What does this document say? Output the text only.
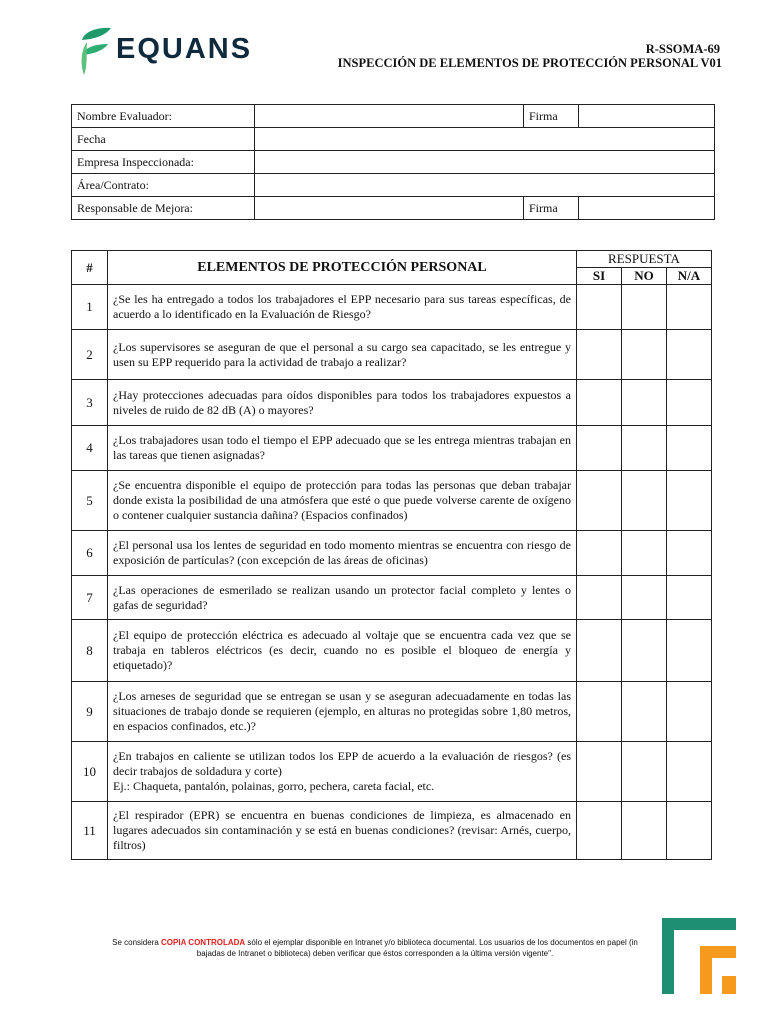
EQUANS	R-SSOMA-69
INSPECCIÓN DE ELEMENTOS DE PROTECCIÓN PERSONAL V01
Nombre Evaluador:		Firma	
Fecha			
Empresa Inspeccionada:			
Área/Contrato:			
Responsable de Mejora:		Firma	
#	ELEMENTOS DE PROTECCIÓN PERSONAL	RESPUESTA		
		SI	NO	N/A
1	¿Se les ha entregado a todos los trabajadores el EPP necesario para sus tareas específicas, de acuerdo a lo identificado en la Evaluación de Riesgo?			
2	¿Los supervisores se aseguran de que el personal a su cargo sea capacitado, se les entregue y usen su EPP requerido para la actividad de trabajo a realizar?			
3	¿Hay protecciones adecuadas para oídos disponibles para todos los trabajadores expuestos a niveles de ruido de 82 dB (A) o mayores?			
4	¿Los trabajadores usan todo el tiempo el EPP adecuado que se les entrega mientras trabajan en las tareas que tienen asignadas?			
5	¿Se encuentra disponible el equipo de protección para todas las personas que deban trabajar donde exista la posibilidad de una atmósfera que esté o que puede volverse carente de oxígeno o contener cualquier sustancia dañina? (Espacios confinados)			
6	¿El personal usa los lentes de seguridad en todo momento mientras se encuentra con riesgo de exposición de partículas? (con excepción de las áreas de oficinas)			
7	¿Las operaciones de esmerilado se realizan usando un protector facial completo y lentes o gafas de seguridad?			
8	¿El equipo de protección eléctrica es adecuado al voltaje que se encuentra cada vez que se trabaja en tableros eléctricos (es decir, cuando no es posible el bloqueo de energía y etiquetado)?			
9	¿Los arneses de seguridad que se entregan se usan y se aseguran adecuadamente en todas las situaciones de trabajo donde se requieren (ejemplo, en alturas no protegidas sobre 1,80 metros, en espacios confinados, etc.)?			
10	¿En trabajos en caliente se utilizan todos los EPP de acuerdo a la evaluación de riesgos? (es decir trabajos de soldadura y corte)
Ej.: Chaqueta, pantalón, polainas, gorro, pechera, careta facial, etc.			

11	¿El respirador (EPR) se encuentra en buenas condiciones de limpieza, es almacenado en lugares adecuados sin contaminación y se está en buenas condiciones? (revisar: Arnés, cuerpo, filtros)			
Se considera COPIA CONTROLADA sólo el ejemplar disponible en Intranet y/o biblioteca documental. Los usuarios de los documentos en papel (in
bajadas de Intranet o biblioteca) deben verificar que éstos corresponden a la última versión vigente".
